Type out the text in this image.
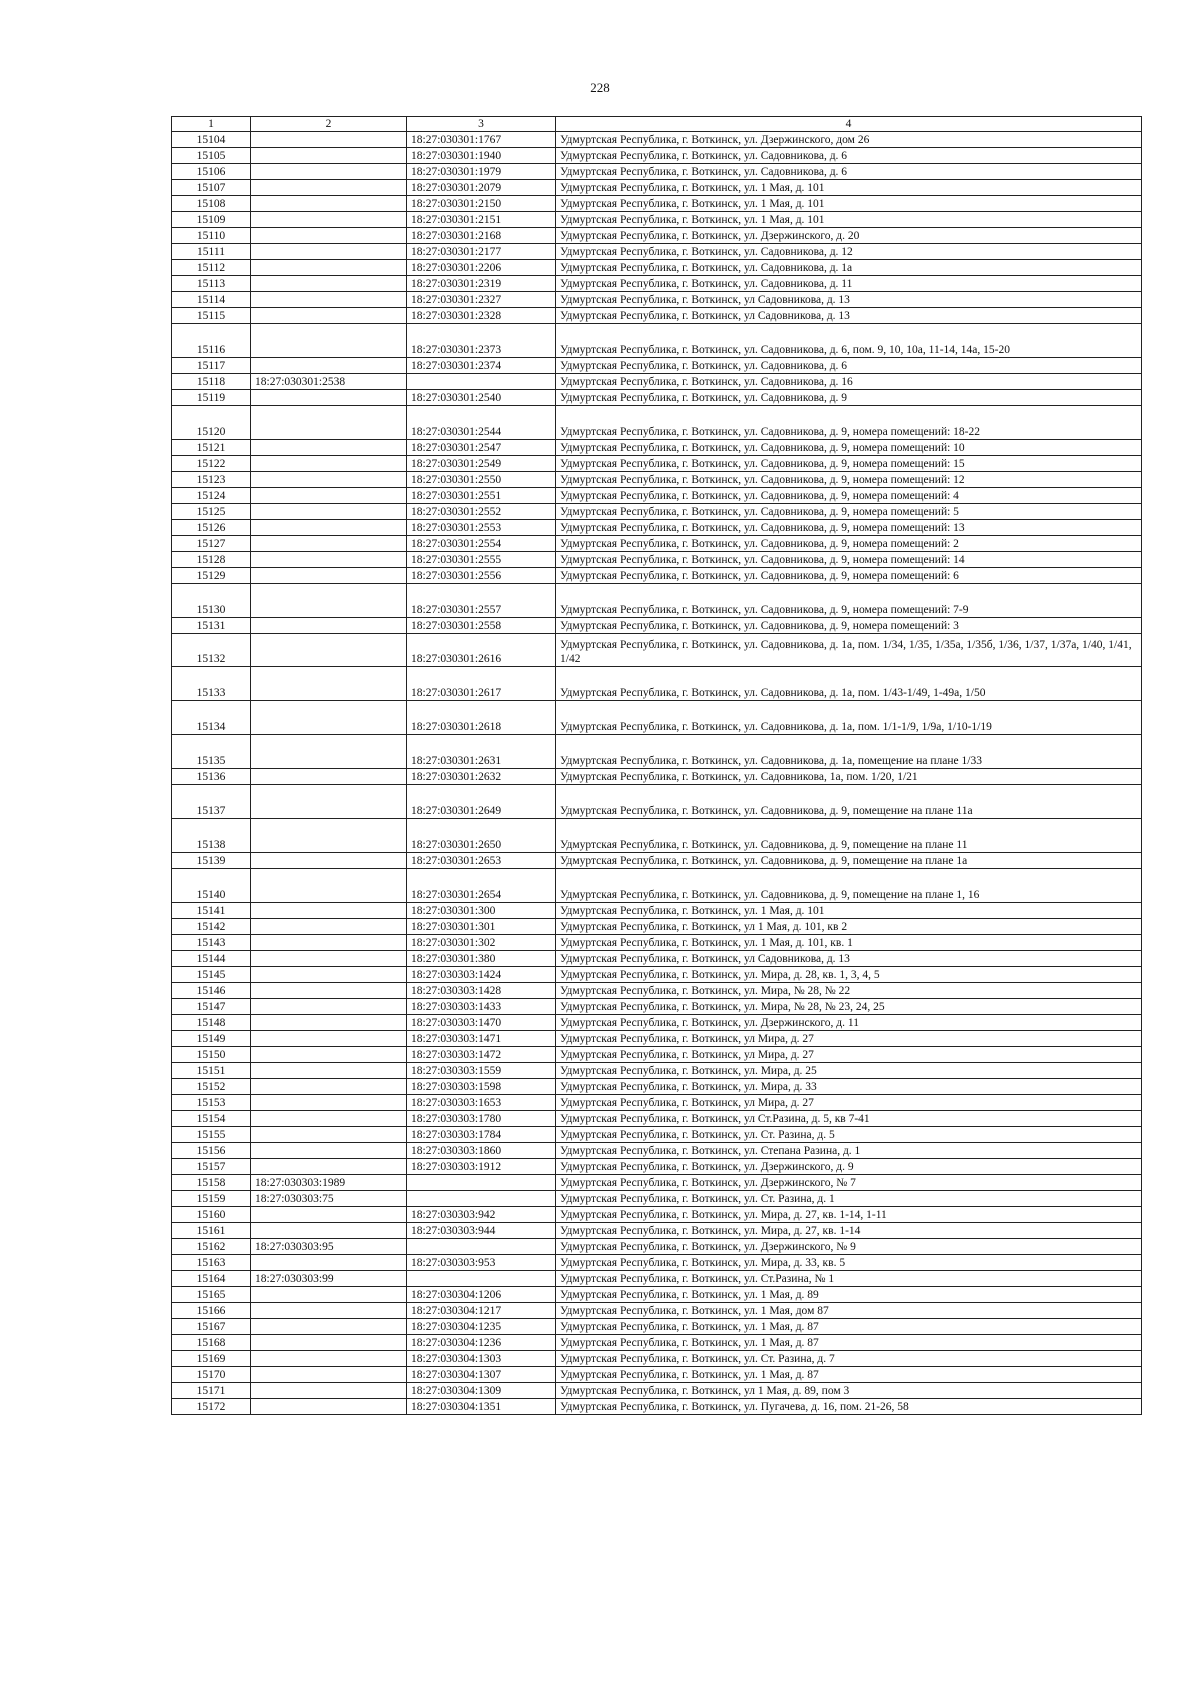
228
1	2	3	4
15104		18:27:030301:1767	Удмуртская Республика, г. Воткинск, ул. Дзержинского, дом 26
15105		18:27:030301:1940	Удмуртская Республика, г. Воткинск, ул. Садовникова, д. 6
15106		18:27:030301:1979	Удмуртская Республика, г. Воткинск, ул. Садовникова, д. 6
15107		18:27:030301:2079	Удмуртская Республика, г. Воткинск, ул. 1 Мая, д. 101
15108		18:27:030301:2150	Удмуртская Республика, г. Воткинск, ул. 1 Мая, д. 101
15109		18:27:030301:2151	Удмуртская Республика, г. Воткинск, ул. 1 Мая, д. 101
15110		18:27:030301:2168	Удмуртская Республика, г. Воткинск, ул. Дзержинского, д. 20
15111		18:27:030301:2177	Удмуртская Республика, г. Воткинск, ул. Садовникова, д. 12
15112		18:27:030301:2206	Удмуртская Республика, г. Воткинск, ул. Садовникова, д. 1а
15113		18:27:030301:2319	Удмуртская Республика, г. Воткинск, ул. Садовникова, д. 11
15114		18:27:030301:2327	Удмуртская Республика, г. Воткинск, ул Садовникова, д. 13
15115		18:27:030301:2328	Удмуртская Республика, г. Воткинск, ул Садовникова, д. 13
15116		18:27:030301:2373	Удмуртская Республика, г. Воткинск, ул. Садовникова, д. 6, пом. 9, 10, 10а, 11-14, 14а, 15-20
15117		18:27:030301:2374	Удмуртская Республика, г. Воткинск, ул. Садовникова, д. 6
15118	18:27:030301:2538		Удмуртская Республика, г. Воткинск, ул. Садовникова, д. 16
15119		18:27:030301:2540	Удмуртская Республика, г. Воткинск, ул. Садовникова, д. 9
15120		18:27:030301:2544	Удмуртская Республика, г. Воткинск, ул. Садовникова, д. 9, номера помещений: 18-22
15121		18:27:030301:2547	Удмуртская Республика, г. Воткинск, ул. Садовникова, д. 9, номера помещений: 10
15122		18:27:030301:2549	Удмуртская Республика, г. Воткинск, ул. Садовникова, д. 9, номера помещений: 15
15123		18:27:030301:2550	Удмуртская Республика, г. Воткинск, ул. Садовникова, д. 9, номера помещений: 12
15124		18:27:030301:2551	Удмуртская Республика, г. Воткинск, ул. Садовникова, д. 9, номера помещений: 4
15125		18:27:030301:2552	Удмуртская Республика, г. Воткинск, ул. Садовникова, д. 9, номера помещений: 5
15126		18:27:030301:2553	Удмуртская Республика, г. Воткинск, ул. Садовникова, д. 9, номера помещений: 13
15127		18:27:030301:2554	Удмуртская Республика, г. Воткинск, ул. Садовникова, д. 9, номера помещений: 2
15128		18:27:030301:2555	Удмуртская Республика, г. Воткинск, ул. Садовникова, д. 9, номера помещений: 14
15129		18:27:030301:2556	Удмуртская Республика, г. Воткинск, ул. Садовникова, д. 9, номера помещений: 6
15130		18:27:030301:2557	Удмуртская Республика, г. Воткинск, ул. Садовникова, д. 9, номера помещений: 7-9
15131		18:27:030301:2558	Удмуртская Республика, г. Воткинск, ул. Садовникова, д. 9, номера помещений: 3
15132		18:27:030301:2616	Удмуртская Республика, г. Воткинск, ул. Садовникова, д. 1а, пом. 1/34, 1/35, 1/35а, 1/35б, 1/36, 1/37, 1/37а, 1/40, 1/41, 1/42
15133		18:27:030301:2617	Удмуртская Республика, г. Воткинск, ул. Садовникова, д. 1а, пом. 1/43-1/49, 1-49а, 1/50
15134		18:27:030301:2618	Удмуртская Республика, г. Воткинск, ул. Садовникова, д. 1а, пом. 1/1-1/9, 1/9а, 1/10-1/19
15135		18:27:030301:2631	Удмуртская Республика, г. Воткинск, ул. Садовникова, д. 1а, помещение на плане 1/33
15136		18:27:030301:2632	Удмуртская Республика, г. Воткинск, ул. Садовникова, 1а, пом. 1/20, 1/21
15137		18:27:030301:2649	Удмуртская Республика, г. Воткинск, ул. Садовникова, д. 9, помещение на плане 11а
15138		18:27:030301:2650	Удмуртская Республика, г. Воткинск, ул. Садовникова, д. 9, помещение на плане 11
15139		18:27:030301:2653	Удмуртская Республика, г. Воткинск, ул. Садовникова, д. 9, помещение на плане 1а
15140		18:27:030301:2654	Удмуртская Республика, г. Воткинск, ул. Садовникова, д. 9, помещение на плане 1, 16
15141		18:27:030301:300	Удмуртская Республика, г. Воткинск, ул. 1 Мая, д. 101
15142		18:27:030301:301	Удмуртская Республика, г. Воткинск, ул 1 Мая, д. 101, кв 2
15143		18:27:030301:302	Удмуртская Республика, г. Воткинск, ул. 1 Мая, д. 101, кв. 1
15144		18:27:030301:380	Удмуртская Республика, г. Воткинск, ул Садовникова, д. 13
15145		18:27:030303:1424	Удмуртская Республика, г. Воткинск, ул. Мира, д. 28, кв. 1, 3, 4, 5
15146		18:27:030303:1428	Удмуртская Республика, г. Воткинск, ул. Мира, № 28, № 22
15147		18:27:030303:1433	Удмуртская Республика, г. Воткинск, ул. Мира, № 28, № 23, 24, 25
15148		18:27:030303:1470	Удмуртская Республика, г. Воткинск, ул. Дзержинского, д. 11
15149		18:27:030303:1471	Удмуртская Республика, г. Воткинск, ул Мира, д. 27
15150		18:27:030303:1472	Удмуртская Республика, г. Воткинск, ул Мира, д. 27
15151		18:27:030303:1559	Удмуртская Республика, г. Воткинск, ул. Мира, д. 25
15152		18:27:030303:1598	Удмуртская Республика, г. Воткинск, ул. Мира, д. 33
15153		18:27:030303:1653	Удмуртская Республика, г. Воткинск, ул Мира, д. 27
15154		18:27:030303:1780	Удмуртская Республика, г. Воткинск, ул Ст.Разина, д. 5, кв 7-41
15155		18:27:030303:1784	Удмуртская Республика, г. Воткинск, ул. Ст. Разина, д. 5
15156		18:27:030303:1860	Удмуртская Республика, г. Воткинск, ул. Степана Разина, д. 1
15157		18:27:030303:1912	Удмуртская Республика, г. Воткинск, ул. Дзержинского, д. 9
15158	18:27:030303:1989		Удмуртская Республика, г. Воткинск, ул. Дзержинского, № 7
15159	18:27:030303:75		Удмуртская Республика, г. Воткинск, ул. Ст. Разина, д. 1
15160		18:27:030303:942	Удмуртская Республика, г. Воткинск, ул. Мира, д. 27, кв. 1-14, 1-11
15161		18:27:030303:944	Удмуртская Республика, г. Воткинск, ул. Мира, д. 27, кв. 1-14
15162	18:27:030303:95		Удмуртская Республика, г. Воткинск, ул. Дзержинского, № 9
15163		18:27:030303:953	Удмуртская Республика, г. Воткинск, ул. Мира, д. 33, кв. 5
15164	18:27:030303:99		Удмуртская Республика, г. Воткинск, ул. Ст.Разина, № 1
15165		18:27:030304:1206	Удмуртская Республика, г. Воткинск, ул. 1 Мая, д. 89
15166		18:27:030304:1217	Удмуртская Республика, г. Воткинск, ул. 1 Мая, дом 87
15167		18:27:030304:1235	Удмуртская Республика, г. Воткинск, ул. 1 Мая, д. 87
15168		18:27:030304:1236	Удмуртская Республика, г. Воткинск, ул. 1 Мая, д. 87
15169		18:27:030304:1303	Удмуртская Республика, г. Воткинск, ул. Ст. Разина, д. 7
15170		18:27:030304:1307	Удмуртская Республика, г. Воткинск, ул. 1 Мая, д. 87
15171		18:27:030304:1309	Удмуртская Республика, г. Воткинск, ул 1 Мая, д. 89, пом 3
15172		18:27:030304:1351	Удмуртская Республика, г. Воткинск, ул. Пугачева, д. 16, пом. 21-26, 58
